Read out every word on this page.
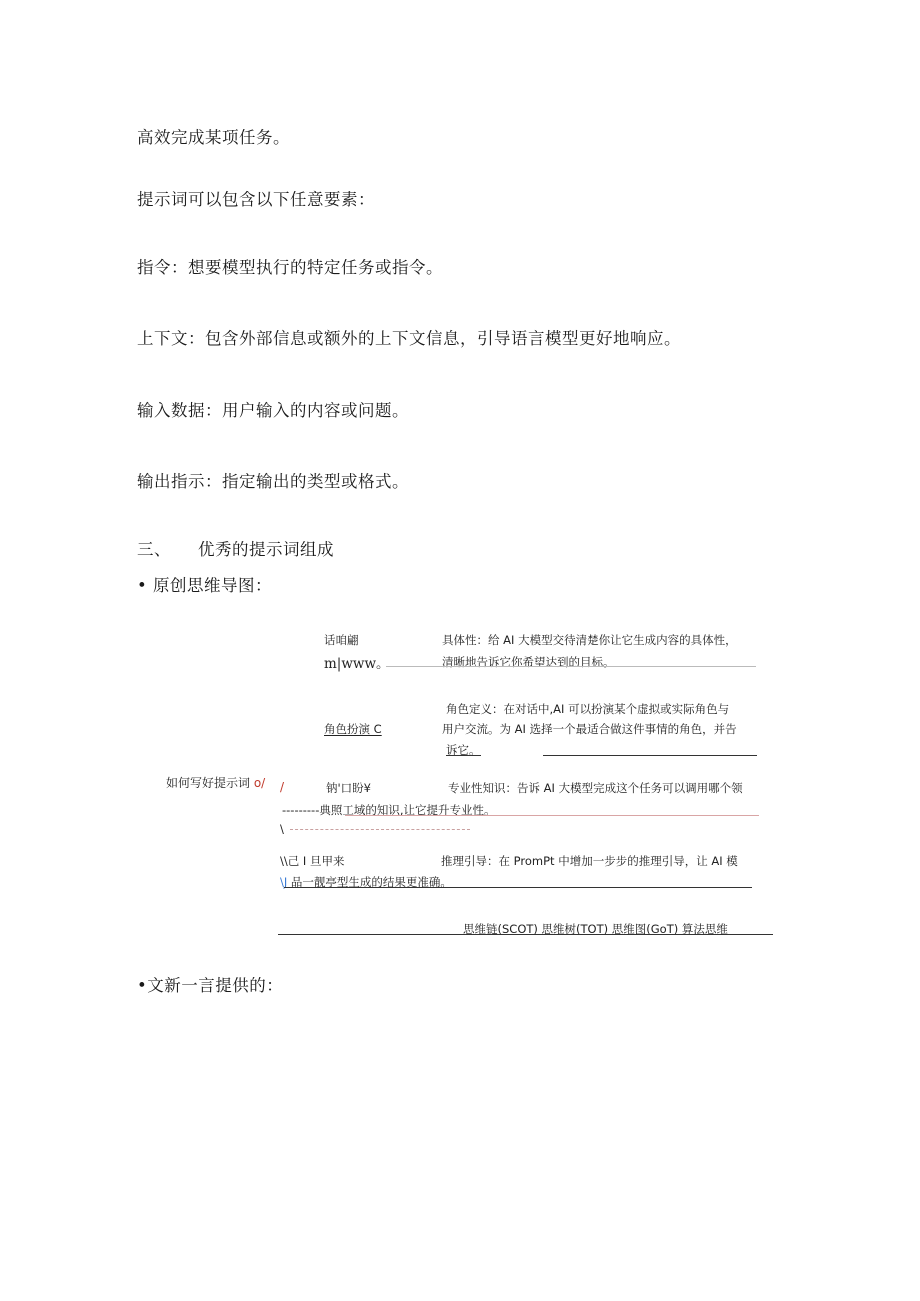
高效完成某项任务。
提示词可以包含以下任意要素：
指令：想要模型执行的特定任务或指令。
上下文：包含外部信息或额外的上下文信息，引导语言模型更好地响应。
输入数据：用户输入的内容或问题。
输出指示：指定输出的类型或格式。
三、 优秀的提示词组成
• 原创思维导图：
如何写好提示词 o/
话咱翩
m|www。
具体性：给 AI 大模型交待清楚你让它生成内容的具体性，
清晰地告诉它你希望达到的目标。
角色扮演 C
角色定义：在对话中,AI 可以扮演某个虚拟或实际角色与
用户交流。为 AI 选择一个最适合做这件事情的角色，并告
诉它。
/	钠'口盼¥	专业性知识：告诉 AI 大模型完成这个任务可以调用哪个领
---------典照工域的知识,让它提升专业性。
\
\\己 I 旦甲来	推理引导：在 PromPt 中增加一步步的推理引导，让 AI 模
\J 品一靓亭型生成的结果更准确。
思维链(SCOT) 思维树(TOT) 思维图(GoT) 算法思维
•文新一言提供的：
